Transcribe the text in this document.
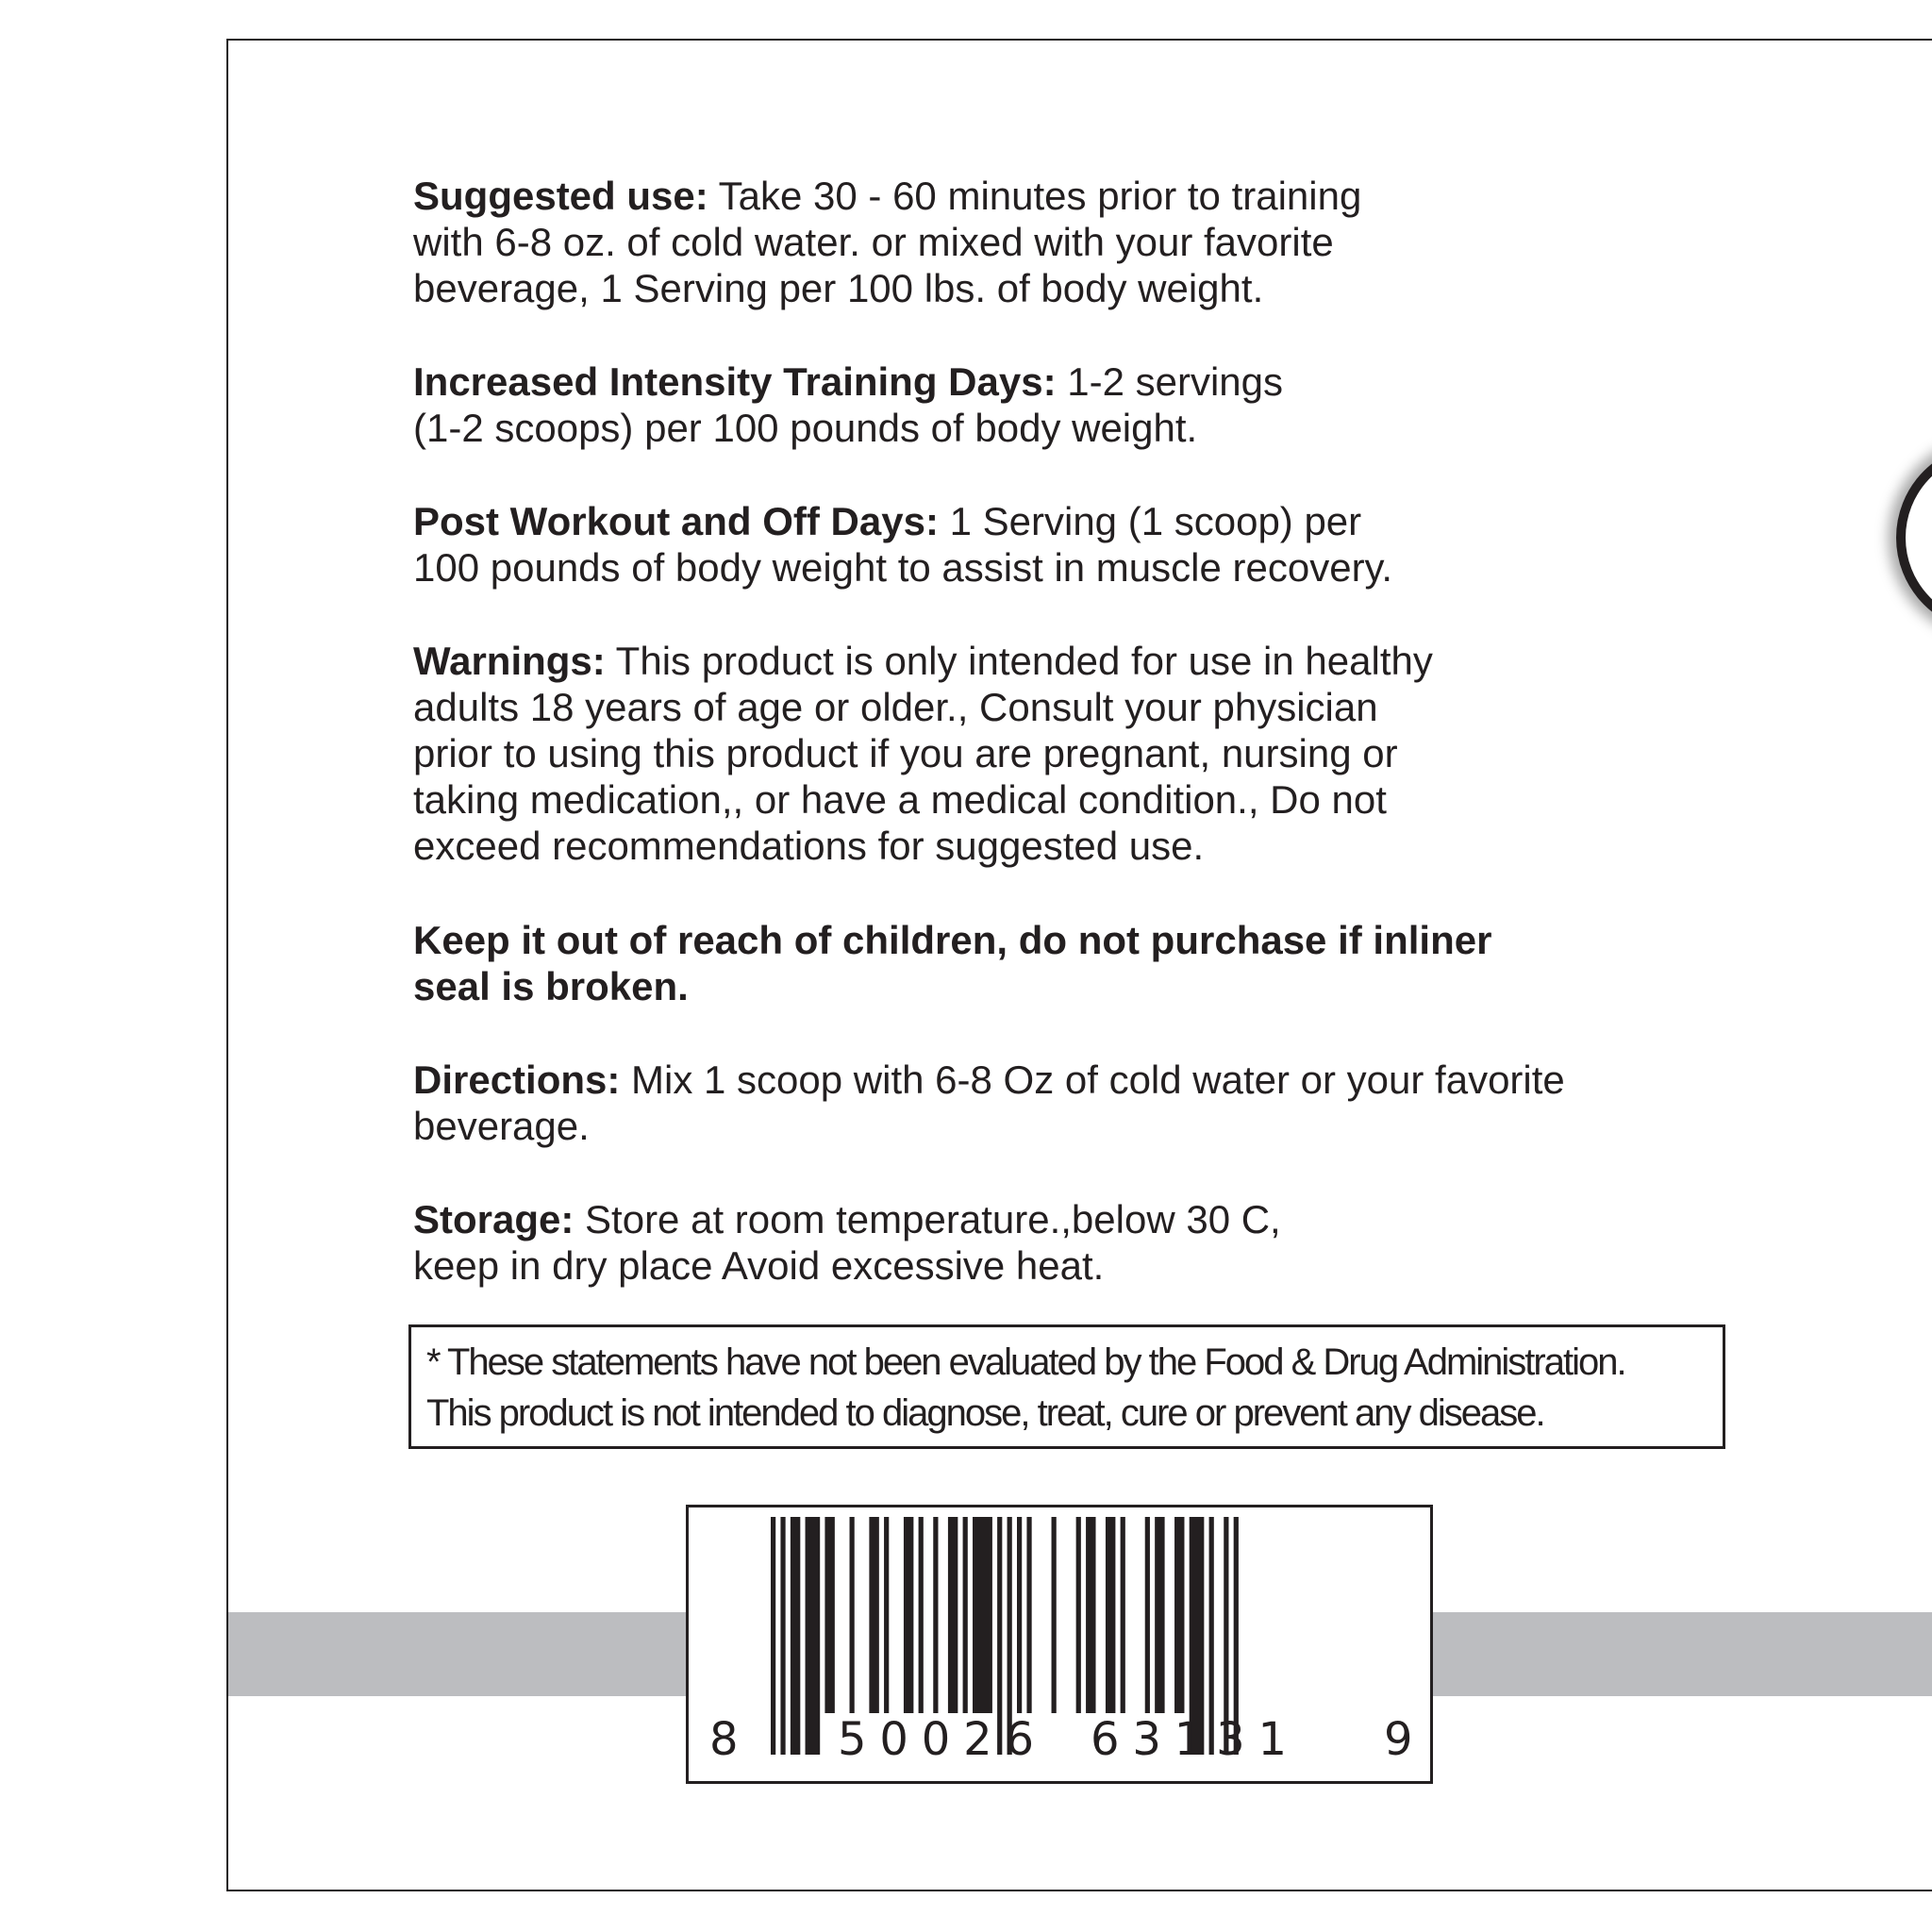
Suggested use: Take 30 - 60 minutes prior to training
with 6-8 oz. of cold water. or mixed with your favorite
beverage, 1 Serving per 100 lbs. of body weight.

Increased Intensity Training Days: 1-2 servings
(1-2 scoops) per 100 pounds of body weight.

Post Workout and Off Days: 1 Serving (1 scoop) per
100 pounds of body weight to assist in muscle recovery.

Warnings: This product is only intended for use in healthy
adults 18 years of age or older., Consult your physician
prior to using this product if you are pregnant, nursing or
taking medication,, or have a medical condition., Do not
exceed recommendations for suggested use.

Keep it out of reach of children, do not purchase if inliner
seal is broken.

Directions: Mix 1 scoop with 6-8 Oz of cold water or your favorite
beverage.

Storage: Store at room temperature.,below 30 C,
keep in dry place Avoid excessive heat.

* These statements have not been evaluated by the Food & Drug Administration.
This product is not intended to diagnose, treat, cure or prevent any disease.
8 50026 63131 9
